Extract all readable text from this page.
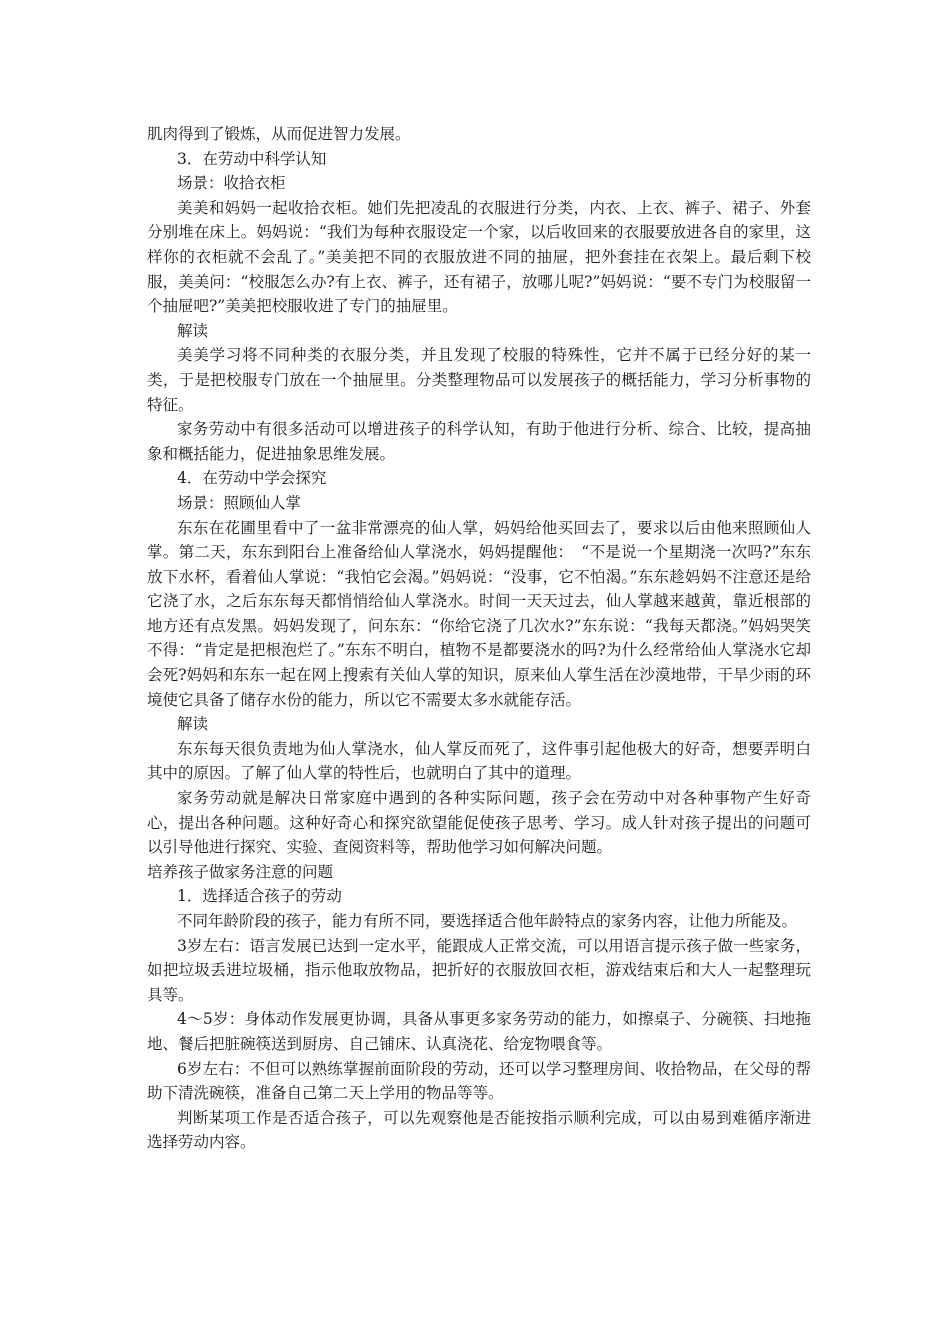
肌肉得到了锻炼，从而促进智力发展。

3．在劳动中科学认知

场景：收拾衣柜

美美和妈妈一起收拾衣柜。她们先把凌乱的衣服进行分类，内衣、上衣、裤子、裙子、外套分别堆在床上。妈妈说：“我们为每种衣服设定一个家，以后收回来的衣服要放进各自的家里，这样你的衣柜就不会乱了。”美美把不同的衣服放进不同的抽屉，把外套挂在衣架上。最后剩下校服，美美问：“校服怎么办?有上衣、裤子，还有裙子，放哪儿呢?”妈妈说：“要不专门为校服留一个抽屉吧?”美美把校服收进了专门的抽屉里。

解读

美美学习将不同种类的衣服分类，并且发现了校服的特殊性，它并不属于已经分好的某一类，于是把校服专门放在一个抽屉里。分类整理物品可以发展孩子的概括能力，学习分析事物的特征。

家务劳动中有很多活动可以增进孩子的科学认知，有助于他进行分析、综合、比较，提高抽象和概括能力，促进抽象思维发展。

4．在劳动中学会探究

场景：照顾仙人掌

东东在花圃里看中了一盆非常漂亮的仙人掌，妈妈给他买回去了，要求以后由他来照顾仙人掌。第二天，东东到阳台上准备给仙人掌浇水，妈妈提醒他：　“不是说一个星期浇一次吗?”东东放下水杯，看着仙人掌说：“我怕它会渴。”妈妈说：“没事，它不怕渴。”东东趁妈妈不注意还是给它浇了水，之后东东每天都悄悄给仙人掌浇水。时间一天天过去，仙人掌越来越黄，靠近根部的地方还有点发黑。妈妈发现了，问东东：“你给它浇了几次水?”东东说：“我每天都浇。”妈妈哭笑不得：“肯定是把根泡烂了。”东东不明白，植物不是都要浇水的吗?为什么经常给仙人掌浇水它却会死?妈妈和东东一起在网上搜索有关仙人掌的知识，原来仙人掌生活在沙漠地带，干旱少雨的环境使它具备了储存水份的能力，所以它不需要太多水就能存活。

解读

东东每天很负责地为仙人掌浇水，仙人掌反而死了，这件事引起他极大的好奇，想要弄明白其中的原因。了解了仙人掌的特性后，也就明白了其中的道理。

家务劳动就是解决日常家庭中遇到的各种实际问题，孩子会在劳动中对各种事物产生好奇心，提出各种问题。这种好奇心和探究欲望能促使孩子思考、学习。成人针对孩子提出的问题可以引导他进行探究、实验、查阅资料等，帮助他学习如何解决问题。

培养孩子做家务注意的问题

1．选择适合孩子的劳动

不同年龄阶段的孩子，能力有所不同，要选择适合他年龄特点的家务内容，让他力所能及。

3岁左右：语言发展已达到一定水平，能跟成人正常交流，可以用语言提示孩子做一些家务，如把垃圾丢进垃圾桶，指示他取放物品，把折好的衣服放回衣柜，游戏结束后和大人一起整理玩具等。

4～5岁：身体动作发展更协调，具备从事更多家务劳动的能力，如擦桌子、分碗筷、扫地拖地、餐后把脏碗筷送到厨房、自己铺床、认真浇花、给宠物喂食等。

6岁左右：不但可以熟练掌握前面阶段的劳动，还可以学习整理房间、收拾物品，在父母的帮助下清洗碗筷，准备自己第二天上学用的物品等等。

判断某项工作是否适合孩子，可以先观察他是否能按指示顺利完成，可以由易到难循序渐进选择劳动内容。
